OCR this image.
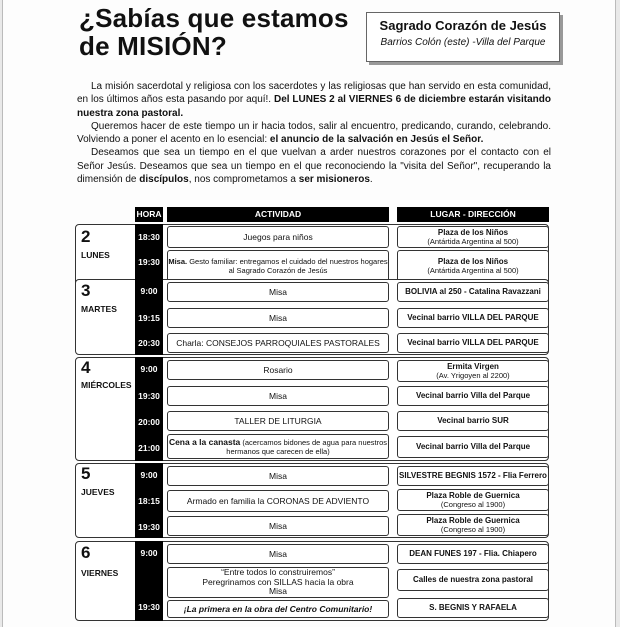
¿Sabías que estamos
de MISIÓN?
Sagrado Corazón de Jesús
Barrios Colón (este) -Villa del Parque

La misión sacerdotal y religiosa con los sacerdotes y las religiosas que han servido en esta comunidad, en los últimos años esta pasando por aquí!. Del LUNES 2 al VIERNES 6 de diciembre estarán visitando nuestra zona pastoral.

Queremos hacer de este tiempo un ir hacia todos, salir al encuentro, predicando, curando, celebrando. Volviendo a poner el acento en lo esencial: el anuncio de la salvación en Jesús el Señor.

Deseamos que sea un tiempo en el que vuelvan a arder nuestros corazones por el contacto con el Señor Jesús. Deseamos que sea un tiempo en el que reconociendo la "visita del Señor", recuperando la dimensión de discípulos, nos comprometamos a ser misioneros.

HORA	ACTIVIDAD	LUGAR - DIRECCIÓN
2
LUNES
18:30
19:30
Juegos para niños
Misa. Gesto familiar: entregamos el cuidado del nuestros hogares al Sagrado Corazón de Jesús
Plaza de los Niños
(Antártida Argentina al 500)
Plaza de los Niños
(Antártida Argentina al 500)
3
MARTES
9:00
19:15
20:30
Misa
Misa
Charla: CONSEJOS PARROQUIALES PASTORALES
BOLIVIA al 250 - Catalina Ravazzani
Vecinal barrio VILLA DEL PARQUE
Vecinal barrio VILLA DEL PARQUE
4
MIÉRCOLES
9:00
19:30
20:00
21:00
Rosario
Misa
TALLER DE LITURGIA
Cena a la canasta (acercamos bidones de agua para nuestros hermanos que carecen de ella)
Ermita Virgen
(Av. Yrigoyen al 2200)
Vecinal barrio Villa del Parque
Vecinal barrio SUR
Vecinal barrio Villa del Parque
5
JUEVES
9:00
18:15
19:30
Misa
Armado en familia la CORONAS DE ADVIENTO
Misa
SILVESTRE BEGNIS 1572 - Flia Ferrero
Plaza Roble de Guernica
(Congreso al 1900)
Plaza Roble de Guernica
(Congreso al 1900)
6
VIERNES
9:00
19:30
Misa
“Entre todos lo construiremos”
Peregrinamos con SILLAS hacia la obra
Misa
¡La primera en la obra del Centro Comunitario!
DEAN FUNES 197 - Flia. Chiapero
Calles de nuestra zona pastoral
S. BEGNIS Y RAFAELA
